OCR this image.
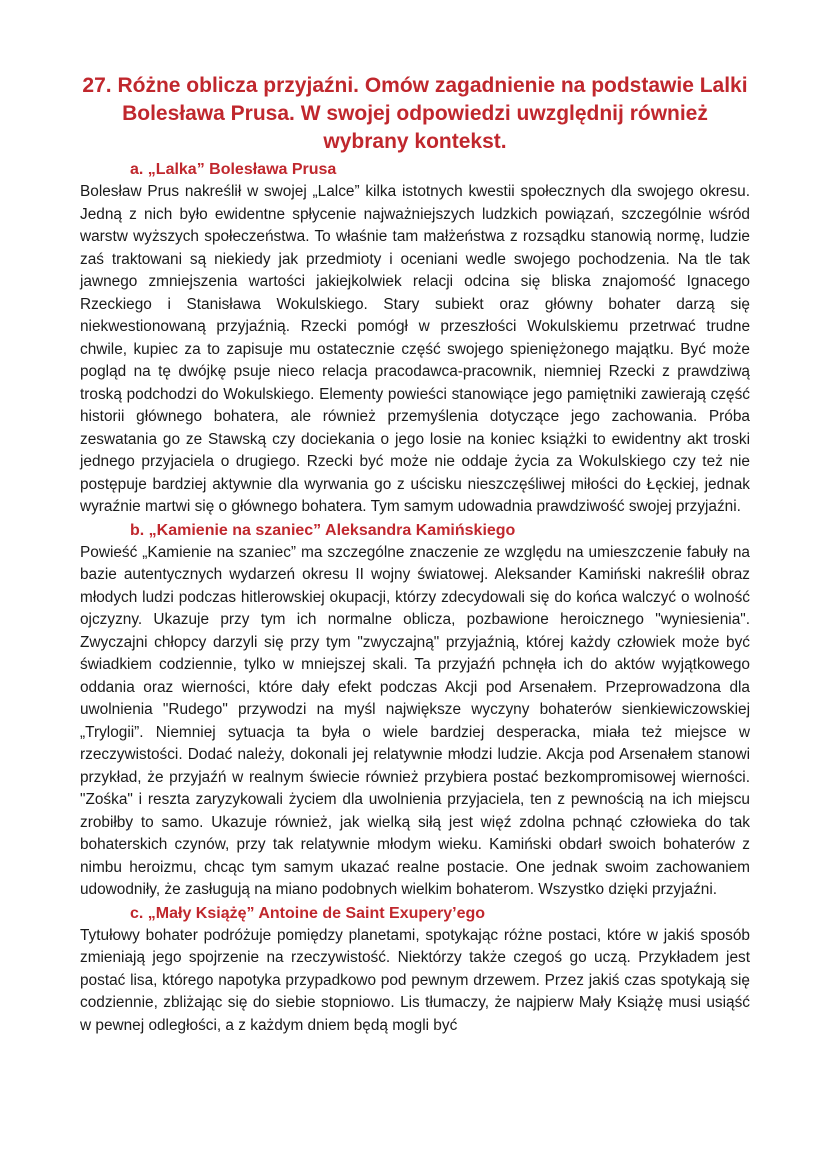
27. Różne oblicza przyjaźni. Omów zagadnienie na podstawie Lalki Bolesława Prusa. W swojej odpowiedzi uwzględnij również wybrany kontekst.
a. „Lalka” Bolesława Prusa

Bolesław Prus nakreślił w swojej „Lalce” kilka istotnych kwestii społecznych dla swojego okresu. Jedną z nich było ewidentne spłycenie najważniejszych ludzkich powiązań, szczególnie wśród warstw wyższych społeczeństwa. To właśnie tam małżeństwa z rozsądku stanowią normę, ludzie zaś traktowani są niekiedy jak przedmioty i oceniani wedle swojego pochodzenia. Na tle tak jawnego zmniejszenia wartości jakiejkolwiek relacji odcina się bliska znajomość Ignacego Rzeckiego i Stanisława Wokulskiego. Stary subiekt oraz główny bohater darzą się niekwestionowaną przyjaźnią. Rzecki pomógł w przeszłości Wokulskiemu przetrwać trudne chwile, kupiec za to zapisuje mu ostatecznie część swojego spieniężonego majątku. Być może pogląd na tę dwójkę psuje nieco relacja pracodawca-pracownik, niemniej Rzecki z prawdziwą troską podchodzi do Wokulskiego. Elementy powieści stanowiące jego pamiętniki zawierają część historii głównego bohatera, ale również przemyślenia dotyczące jego zachowania. Próba zeswatania go ze Stawską czy dociekania o jego losie na koniec książki to ewidentny akt troski jednego przyjaciela o drugiego. Rzecki być może nie oddaje życia za Wokulskiego czy też nie postępuje bardziej aktywnie dla wyrwania go z uścisku nieszczęśliwej miłości do Łęckiej, jednak wyraźnie martwi się o głównego bohatera. Tym samym udowadnia prawdziwość swojej przyjaźni.

b. „Kamienie na szaniec” Aleksandra Kamińskiego

Powieść „Kamienie na szaniec” ma szczególne znaczenie ze względu na umieszczenie fabuły na bazie autentycznych wydarzeń okresu II wojny światowej. Aleksander Kamiński nakreślił obraz młodych ludzi podczas hitlerowskiej okupacji, którzy zdecydowali się do końca walczyć o wolność ojczyzny. Ukazuje przy tym ich normalne oblicza, pozbawione heroicznego "wyniesienia". Zwyczajni chłopcy darzyli się przy tym "zwyczajną" przyjaźnią, której każdy człowiek może być świadkiem codziennie, tylko w mniejszej skali. Ta przyjaźń pchnęła ich do aktów wyjątkowego oddania oraz wierności, które dały efekt podczas Akcji pod Arsenałem. Przeprowadzona dla uwolnienia "Rudego" przywodzi na myśl największe wyczyny bohaterów sienkiewiczowskiej „Trylogii”. Niemniej sytuacja ta była o wiele bardziej desperacka, miała też miejsce w rzeczywistości. Dodać należy, dokonali jej relatywnie młodzi ludzie. Akcja pod Arsenałem stanowi przykład, że przyjaźń w realnym świecie również przybiera postać bezkompromisowej wierności. "Zośka" i reszta zaryzykowali życiem dla uwolnienia przyjaciela, ten z pewnością na ich miejscu zrobiłby to samo. Ukazuje również, jak wielką siłą jest więź zdolna pchnąć człowieka do tak bohaterskich czynów, przy tak relatywnie młodym wieku. Kamiński obdarł swoich bohaterów z nimbu heroizmu, chcąc tym samym ukazać realne postacie. One jednak swoim zachowaniem udowodniły, że zasługują na miano podobnych wielkim bohaterom. Wszystko dzięki przyjaźni.

c. „Mały Książę” Antoine de Saint Exupery’ego

Tytułowy bohater podróżuje pomiędzy planetami, spotykając różne postaci, które w jakiś sposób zmieniają jego spojrzenie na rzeczywistość. Niektórzy także czegoś go uczą. Przykładem jest postać lisa, którego napotyka przypadkowo pod pewnym drzewem. Przez jakiś czas spotykają się codziennie, zbliżając się do siebie stopniowo. Lis tłumaczy, że najpierw Mały Książę musi usiąść w pewnej odległości, a z każdym dniem będą mogli być
